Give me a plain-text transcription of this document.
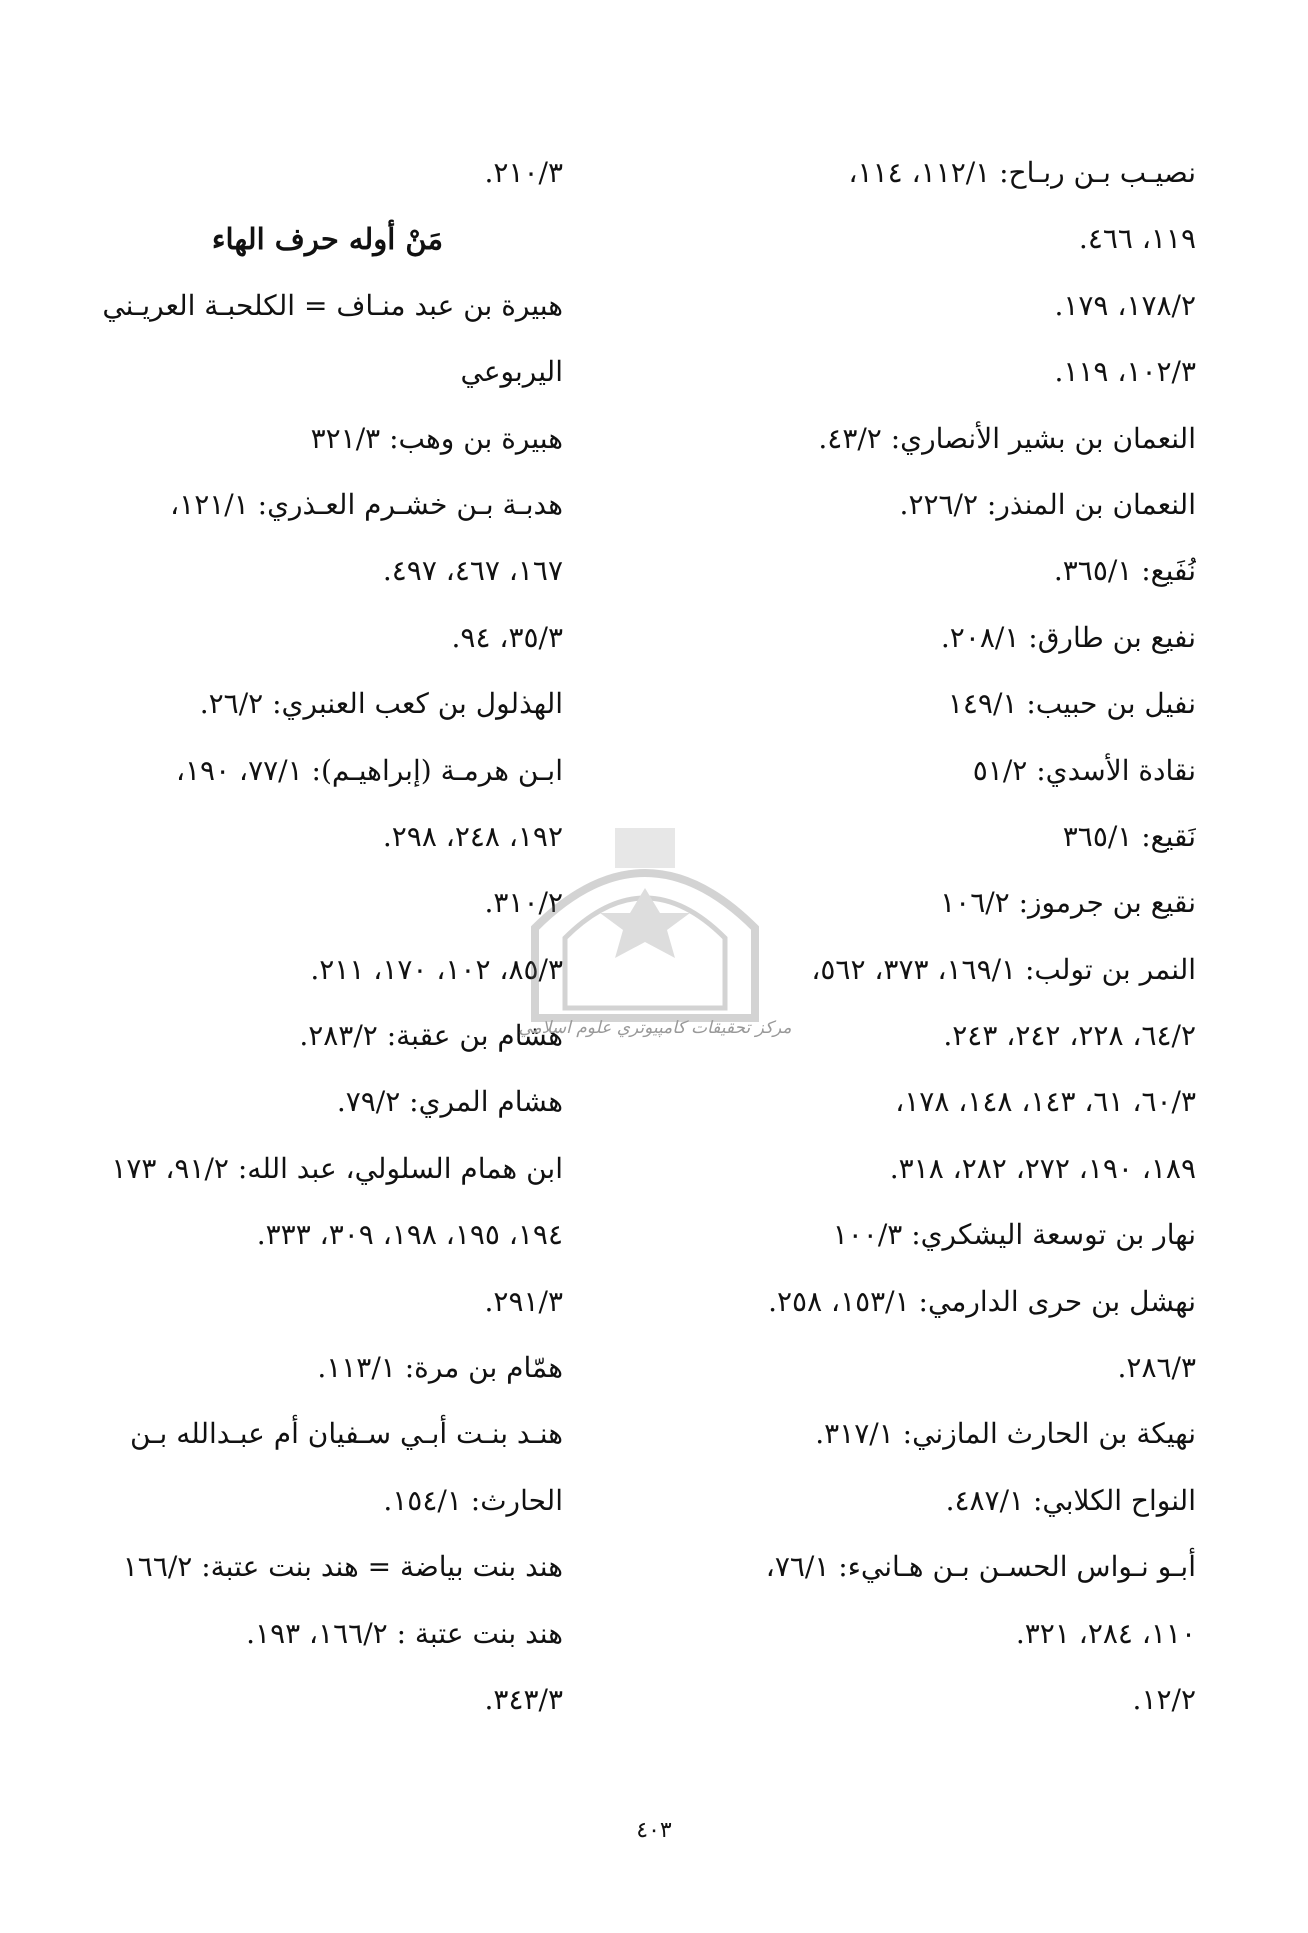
نصيـب بـن ربـاح: ١١٢/١، ١١٤،
١١٩، ٤٦٦.
١٧٨/٢، ١٧٩.
١٠٢/٣، ١١٩.
النعمان بن بشير الأنصاري: ٤٣/٢.
النعمان بن المنذر: ٢٢٦/٢.
نُفَيع: ٣٦٥/١.
نفيع بن طارق: ٢٠٨/١.
نفيل بن حبيب: ١٤٩/١
نقادة الأسدي: ٥١/٢
نَقيع: ٣٦٥/١
نقيع بن جرموز: ١٠٦/٢
النمر بن تولب: ١٦٩/١، ٣٧٣، ٥٦٢،
٦٤/٢، ٢٢٨، ٢٤٢، ٢٤٣.
٦٠/٣، ٦١، ١٤٣، ١٤٨، ١٧٨،
١٨٩، ١٩٠، ٢٧٢، ٢٨٢، ٣١٨.
نهار بن توسعة اليشكري: ١٠٠/٣
نهشل بن حرى الدارمي: ١٥٣/١، ٢٥٨.
٢٨٦/٣.
نهيكة بن الحارث المازني: ٣١٧/١.
النواح الكلابي: ٤٨٧/١.
أبـو نـواس الحسـن بـن هـانيء: ٧٦/١،
١١٠، ٢٨٤، ٣٢١.
١٢/٢.
٢١٠/٣.
مَنْ أوله حرف الهاء
هبيرة بن عبد منـاف = الكلحبـة العريـني
اليربوعي
هبيرة بن وهب: ٣٢١/٣
هدبـة بـن خشـرم العـذري: ١٢١/١،
١٦٧، ٤٦٧، ٤٩٧.
٣٥/٣، ٩٤.
الهذلول بن كعب العنبري: ٢٦/٢.
ابـن هرمـة (إبراهيـم): ٧٧/١، ١٩٠،
١٩٢، ٢٤٨، ٢٩٨.
٣١٠/٢.
٨٥/٣، ١٠٢، ١٧٠، ٢١١.
هشام بن عقبة: ٢٨٣/٢.
هشام المري: ٧٩/٢.
ابن همام السلولي، عبد الله: ٩١/٢، ١٧٣
١٩٤، ١٩٥، ١٩٨، ٣٠٩، ٣٣٣.
٢٩١/٣.
همّام بن مرة: ١١٣/١.
هنـد بنـت أبـي سـفيان أم عبـدالله بـن
الحارث: ١٥٤/١.
هند بنت بياضة = هند بنت عتبة: ١٦٦/٢
هند بنت عتبة : ١٦٦/٢، ١٩٣.
٣٤٣/٣.
مركز تحقيقات كامپيوتري علوم اسلامي
٤٠٣
